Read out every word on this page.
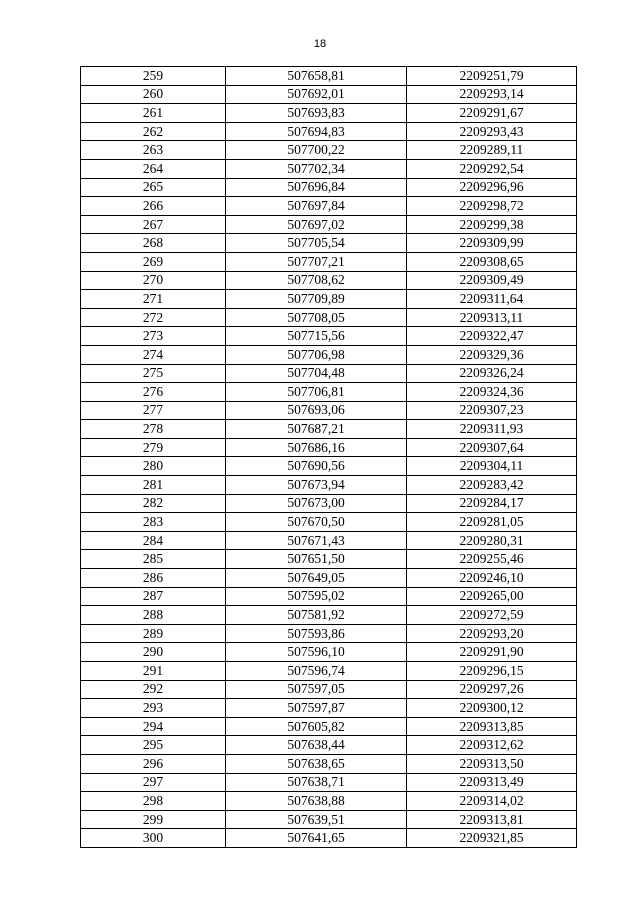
18
259	507658,81	2209251,79
260	507692,01	2209293,14
261	507693,83	2209291,67
262	507694,83	2209293,43
263	507700,22	2209289,11
264	507702,34	2209292,54
265	507696,84	2209296,96
266	507697,84	2209298,72
267	507697,02	2209299,38
268	507705,54	2209309,99
269	507707,21	2209308,65
270	507708,62	2209309,49
271	507709,89	2209311,64
272	507708,05	2209313,11
273	507715,56	2209322,47
274	507706,98	2209329,36
275	507704,48	2209326,24
276	507706,81	2209324,36
277	507693,06	2209307,23
278	507687,21	2209311,93
279	507686,16	2209307,64
280	507690,56	2209304,11
281	507673,94	2209283,42
282	507673,00	2209284,17
283	507670,50	2209281,05
284	507671,43	2209280,31
285	507651,50	2209255,46
286	507649,05	2209246,10
287	507595,02	2209265,00
288	507581,92	2209272,59
289	507593,86	2209293,20
290	507596,10	2209291,90
291	507596,74	2209296,15
292	507597,05	2209297,26
293	507597,87	2209300,12
294	507605,82	2209313,85
295	507638,44	2209312,62
296	507638,65	2209313,50
297	507638,71	2209313,49
298	507638,88	2209314,02
299	507639,51	2209313,81
300	507641,65	2209321,85
